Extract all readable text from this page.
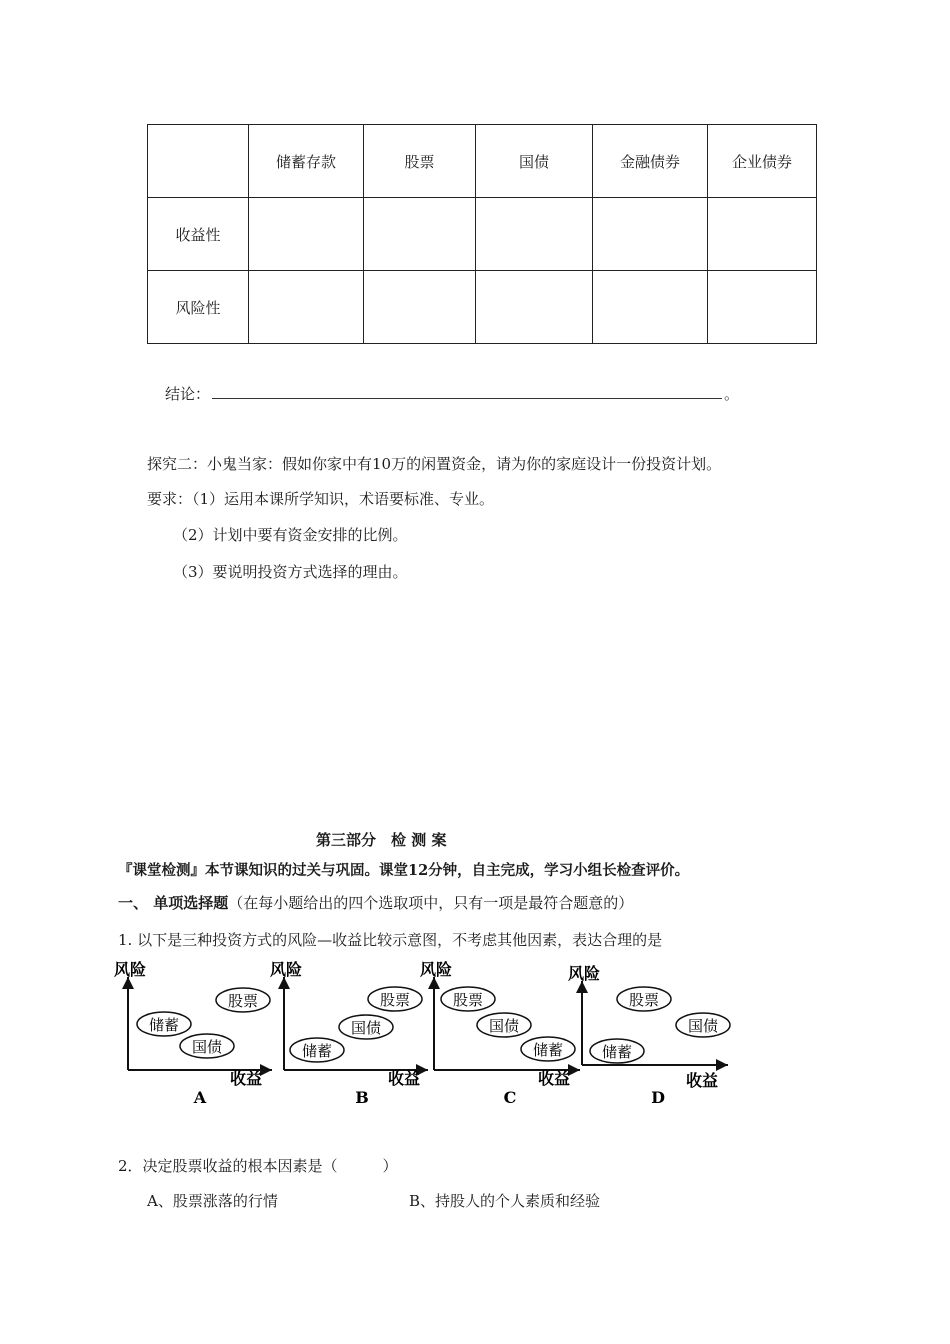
	储蓄存款	股票	国债	金融债券	企业债券
收益性					
风险性					
结论：	。
探究二：小鬼当家：假如你家中有10万的闲置资金，请为你的家庭设计一份投资计划。
要求：（1）运用本课所学知识，术语要标准、专业。
（2）计划中要有资金安排的比例。
（3）要说明投资方式选择的理由。
第三部分　检 测 案
『课堂检测』本节课知识的过关与巩固。课堂12分钟，自主完成，学习小组长检查评价。
一、 单项选择题（在每小题给出的四个选取项中，只有一项是最符合题意的）
1. 以下是三种投资方式的风险—收益比较示意图，不考虑其他因素，表达合理的是
风险
收益
股票
储蓄
国债
A
风险
收益
股票
国债
储蓄
B
风险
收益
股票
国债
储蓄
C
风险
收益
股票
国债
储蓄
D
2．决定股票收益的根本因素是（　　　）
A、股票涨落的行情	B、持股人的个人素质和经验
